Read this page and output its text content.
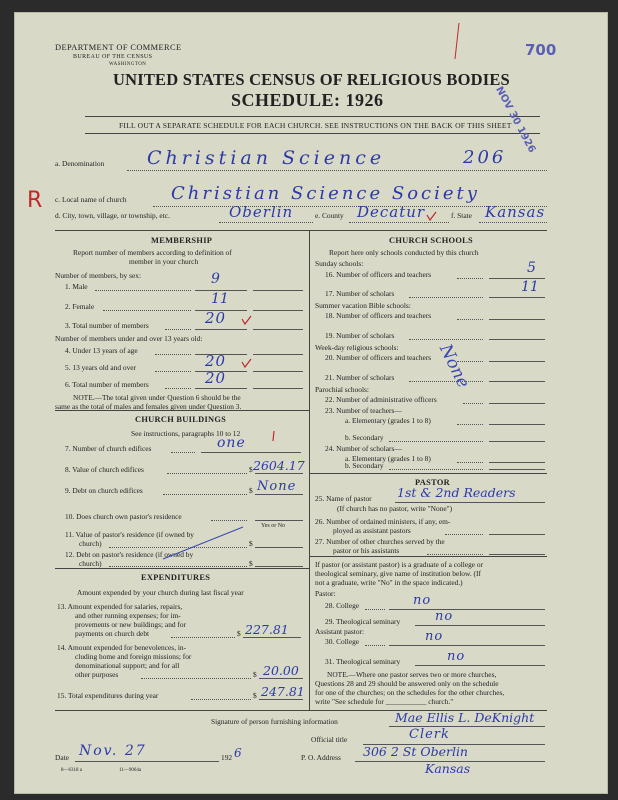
DEPARTMENT OF COMMERCE
BUREAU OF THE CENSUS
WASHINGTON
UNITED STATES CENSUS OF RELIGIOUS BODIES
SCHEDULE: 1926
FILL OUT A SEPARATE SCHEDULE FOR EACH CHURCH. SEE INSTRUCTIONS ON THE BACK OF THIS SHEET
700
NOV 30 1926
R
a. Denomination Christian Science	206
c. Local name of church Christian Science Society
d. City, town, village, or township, etc.	Oberlin	e. County Decatur	f. State Kansas
MEMBERSHIP
Report number of members according to definition of
member in your church
Number of members, by sex:
1. Male	9
2. Female	11
3. Total number of members	20
Number of members under and over 13 years old:
4. Under 13 years of age
5. 13 years old and over	20
6. Total number of members	20
NOTE.—The total given under Question 6 should be the
same as the total of males and females given under Question 3.
CHURCH BUILDINGS
See instructions, paragraphs 10 to 12
7. Number of church edifices	one
8. Value of church edifices	$ 2604.17
9. Debt on church edifices	$ None
10. Does church own pastor's residence
Yes or No
11. Value of pastor's residence (if owned by
church)	$
12. Debt on pastor's residence (if owned by
church)	$
EXPENDITURES
Amount expended by your church during last fiscal year
13. Amount expended for salaries, repairs,
and other running expenses; for im-
provements or new buildings; and for
payments on church debt	$ 227.81
14. Amount expended for benevolences, in-
cluding home and foreign missions; for
denominational support; and for all
other purposes	$ 20.00
15. Total expenditures during year	$ 247.81
CHURCH SCHOOLS
Report here only schools conducted by this church
Sunday schools:
16. Number of officers and teachers	5
17. Number of scholars	11
Summer vacation Bible schools:
18. Number of officers and teachers
19. Number of scholars
Week-day religious schools:
20. Number of officers and teachers
21. Number of scholars None
Parochial schools:
22. Number of administrative officers
23. Number of teachers—
a. Elementary (grades 1 to 8)
b. Secondary
24. Number of scholars—
a. Elementary (grades 1 to 8)
b. Secondary
PASTOR
25. Name of pastor 1st & 2nd Readers
(If church has no pastor, write "None")
26. Number of ordained ministers, if any, em-
ployed as assistant pastors
27. Number of other churches served by the
pastor or his assistants
If pastor (or assistant pastor) is a graduate of a college or
theological seminary, give name of institution below. (If
not a graduate, write "No" in the space indicated.)
Pastor:
28. College	no
29. Theological seminary	no
Assistant pastor:
30. College	no
31. Theological seminary	no
NOTE.—Where one pastor serves two or more churches,
Questions 28 and 29 should be answered only on the schedule
for one of the churches; on the schedules for the other churches,
write "See schedule for ___________ church."
Signature of person furnishing information	Mae Ellis L. DeKnight
Official title	Clerk
Date Nov. 27	192 6	P. O. Address 306 2 St Oberlin
Kansas
8—6318 a	11—9064a
